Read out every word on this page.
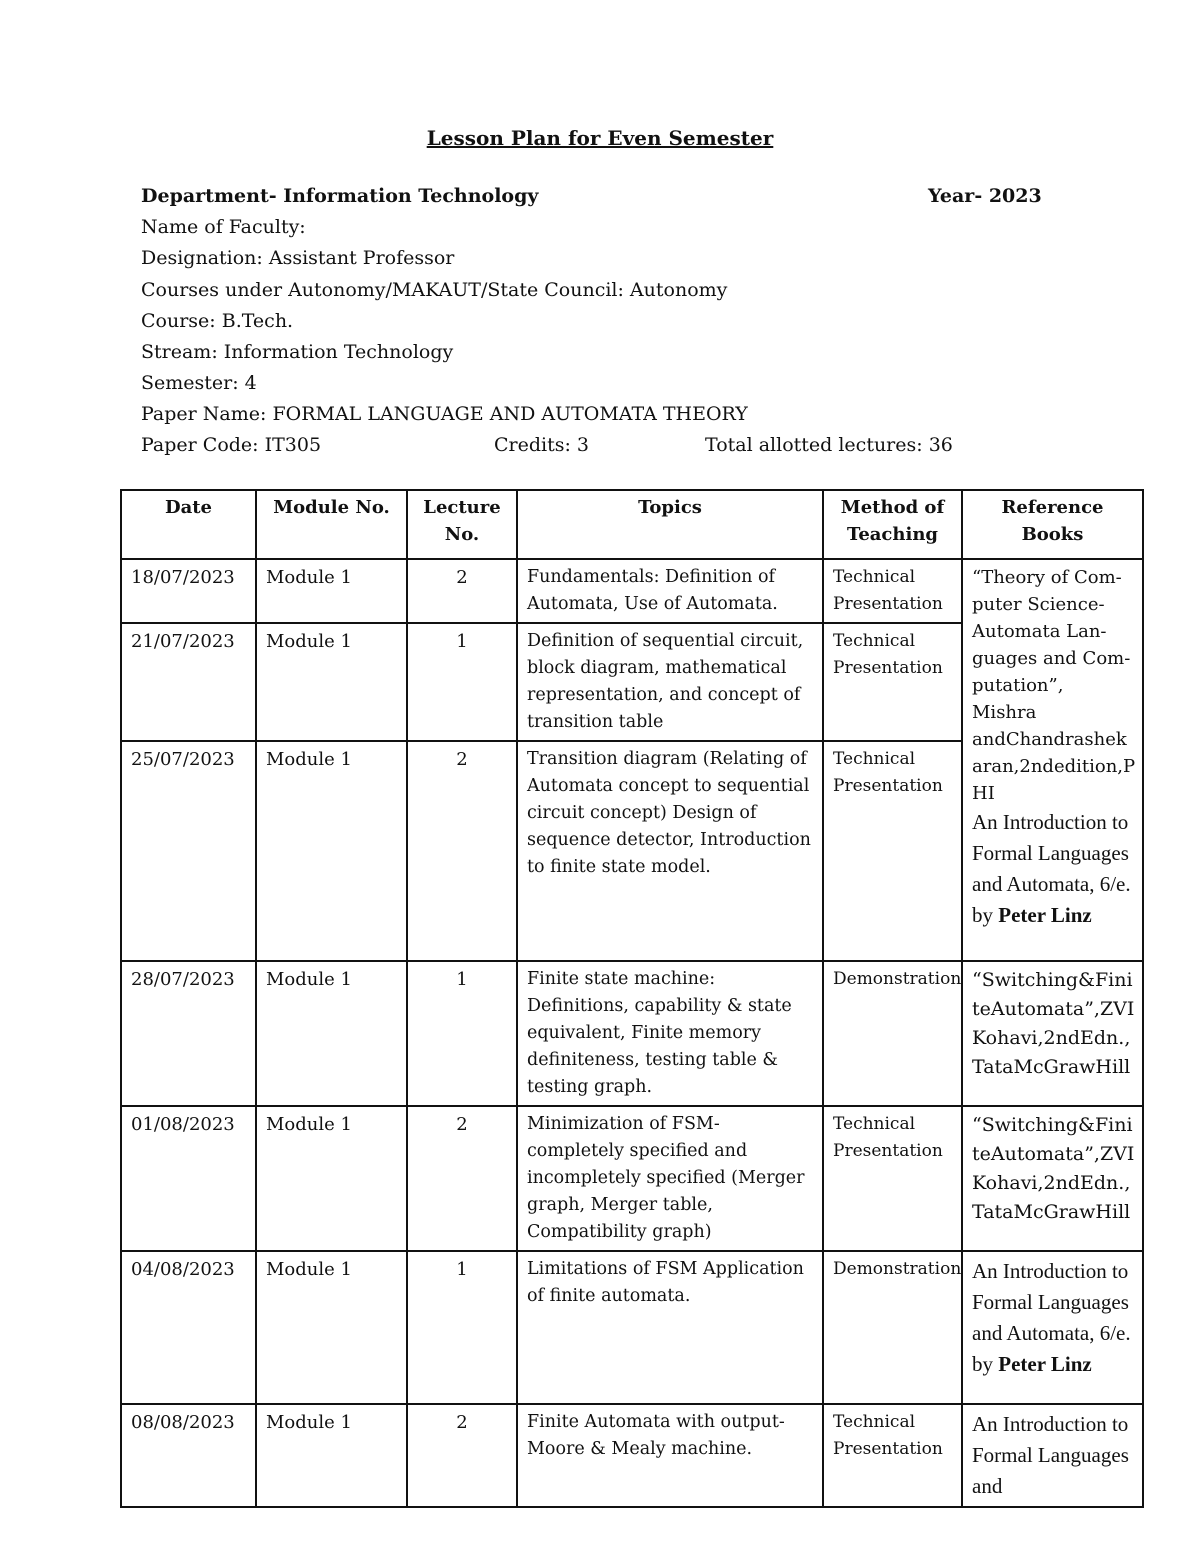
Lesson Plan for Even Semester
Department- Information Technology	Year- 2023
Name of Faculty:
Designation: Assistant Professor
Courses under Autonomy/MAKAUT/State Council: Autonomy
Course: B.Tech.
Stream: Information Technology
Semester: 4
Paper Name: FORMAL LANGUAGE AND AUTOMATA THEORY
Paper Code: IT305	Credits: 3	Total allotted lectures: 36
Date	Module No.	Lecture No.	Topics	Method of Teaching	Reference Books
18/07/2023	Module 1	2	Fundamentals: Definition of Automata, Use of Automata.	Technical Presentation	“Theory of Com-puter Science-Automata Lan-guages and Com-putation”, Mishra andChandrashek aran,2ndedition,P HI
An Introduction to Formal Languages and Automata, 6/e. by Peter Linz

21/07/2023	Module 1	1	Definition of sequential circuit, block diagram, mathematical representation, and concept of transition table	Technical Presentation	
25/07/2023	Module 1	2	Transition diagram (Relating of Automata concept to sequential circuit concept) Design of sequence detector, Introduction to finite state model.	Technical Presentation	
28/07/2023	Module 1	1	Finite state machine: Definitions, capability & state equivalent, Finite memory definiteness, testing table & testing graph.	Demonstration	“Switching&Fini teAutomata”,ZVI Kohavi,2ndEdn., TataMcGrawHill
01/08/2023	Module 1	2	Minimization of FSM- completely specified and incompletely specified (Merger graph, Merger table, Compatibility graph)	Technical Presentation	“Switching&Fini teAutomata”,ZVI Kohavi,2ndEdn., TataMcGrawHill
04/08/2023	Module 1	1	Limitations of FSM Application of finite automata.	Demonstration	An Introduction to Formal Languages and Automata, 6/e. by Peter Linz

08/08/2023	Module 1	2	Finite Automata with output- Moore & Mealy machine.	Technical Presentation	An Introduction to Formal Languages and
